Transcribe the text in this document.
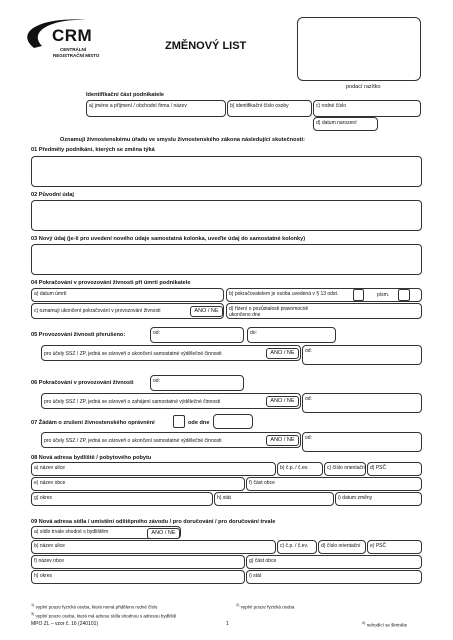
CRM
CENTRÁLNÍ
REGISTRAČNÍ MÍSTO
ZMĚNOVÝ LIST
podací razítko
Identifikační část podnikatele
a) jméno a příjmení / obchodní firma / název	b) identifikační číslo osoby	c) rodné číslo
d) datum narození
Oznamuji živnostenskému úřadu ve smyslu živnostenského zákona následující skutečnosti:
01 Předměty podnikání, kterých se změna týká
02 Původní údaj
03 Nový údaj (je-li pro uvedení nového údaje samostatná kolonka, uveďte údaj do samostatné kolonky)
04 Pokračování v provozování živnosti při úmrtí podnikatele
a) datum úmrtí	b) pokračovatelem je osoba uvedená v § 13 odst.	písm.
c) oznamuji ukončení pokračování v provozování živnosti	ANO / NE	d) řízení o pozůstalosti pravomocně ukončeno dne
05 Provozování živnosti přerušeno:	od:	do:
pro účely SSZ / ZP, jedná se zároveň o ukončení samostatné výdělečné činnosti	ANO / NE	od:
06 Pokračování v provozování živnosti	od:
pro účely SSZ / ZP, jedná se zároveň o zahájení samostatné výdělečné činnosti	ANO / NE	od:
07 Žádám o zrušení živnostenského oprávnění	ode dne
pro účely SSZ / ZP, jedná se zároveň o ukončení samostatné výdělečné činnosti	ANO / NE	od:
08 Nová adresa bydliště / pobytového pobytu
a) název ulice	b) č.p. / č.ev.	c) číslo orientační d) PSČ
e) název obce	f) část obce
g) okres	h) stát	i) datum změny
09 Nová adresa sídla / umístění odštěpného závodu / pro doručování / pro doručování trvale
a) sídlo trvale shodné s bydlištěm	ANO / NE
b) název ulice	c) č.p. / č.ev.	d) číslo orientační e) PSČ
f) název obce	g) část obce
h) okres	i) stát
$^{1)}$ vyplní pouze fyzická osoba, která nemá přiděleno rodné číslo	$^{2)}$ vyplní pouze fyzická osoba
$^{3)}$ vyplní pouze osoba, která má adresu sídla shodnou s adresou bydliště
MPO ZL – vzor č. 16 (240101)	1	$^{4)}$ nehodící se škrtněte
